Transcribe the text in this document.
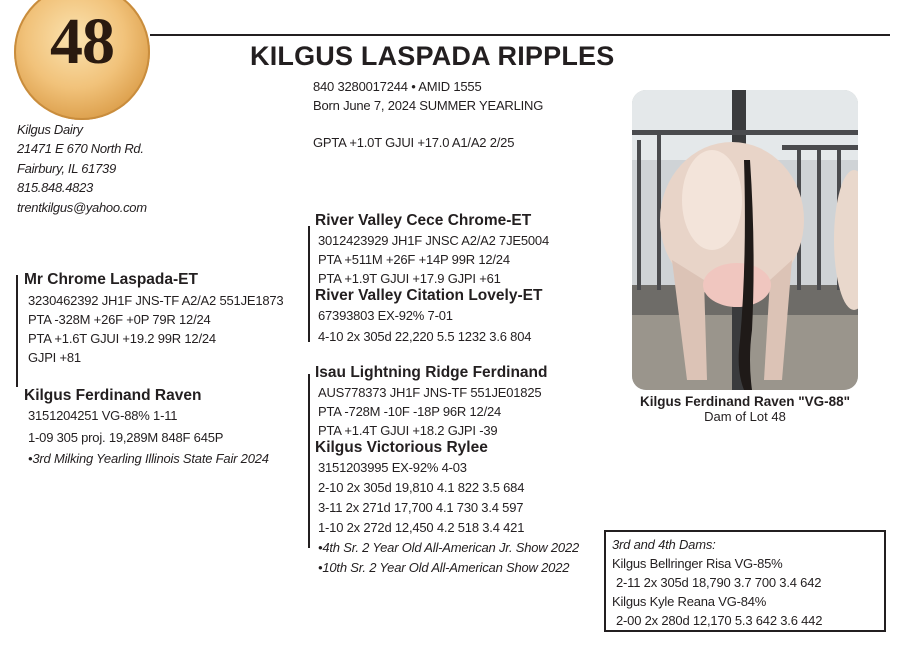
48	KILGUS LASPADA RIPPLES
840 3280017244 • AMID 1555
Born June 7, 2024 SUMMER YEARLING
GPTA +1.0T GJUI +17.0 A1/A2 2/25
Kilgus Dairy
21471 E 670 North Rd.
Fairbury, IL 61739
815.848.4823
trentkilgus@yahoo.com
Mr Chrome Laspada-ET
3230462392 JH1F JNS-TF A2/A2 551JE1873
PTA -328M +26F +0P 79R 12/24
PTA +1.6T GJUI +19.2 99R 12/24
GJPI +81
Kilgus Ferdinand Raven
3151204251 VG-88% 1-11
1-09 305 proj. 19,289M 848F 645P
•3rd Milking Yearling Illinois State Fair 2024
River Valley Cece Chrome-ET
3012423929 JH1F JNSC A2/A2 7JE5004
PTA +511M +26F +14P 99R 12/24
PTA +1.9T GJUI +17.9 GJPI +61
River Valley Citation Lovely-ET
67393803 EX-92% 7-01
4-10 2x 305d 22,220 5.5 1232 3.6 804
Isau Lightning Ridge Ferdinand
AUS778373 JH1F JNS-TF 551JE01825
PTA -728M -10F -18P 96R 12/24
PTA +1.4T GJUI +18.2 GJPI -39
Kilgus Victorious Rylee
3151203995 EX-92% 4-03
2-10 2x 305d 19,810 4.1 822 3.5 684
3-11 2x 271d 17,700 4.1 730 3.4 597
1-10 2x 272d 12,450 4.2 518 3.4 421
•4th Sr. 2 Year Old All-American Jr. Show 2022
•10th Sr. 2 Year Old All-American Show 2022
Kilgus Ferdinand Raven "VG-88"
Dam of Lot 48
3rd and 4th Dams:
Kilgus Bellringer Risa VG-85%
2-11 2x 305d 18,790 3.7 700 3.4 642
Kilgus Kyle Reana VG-84%
2-00 2x 280d 12,170 5.3 642 3.6 442
